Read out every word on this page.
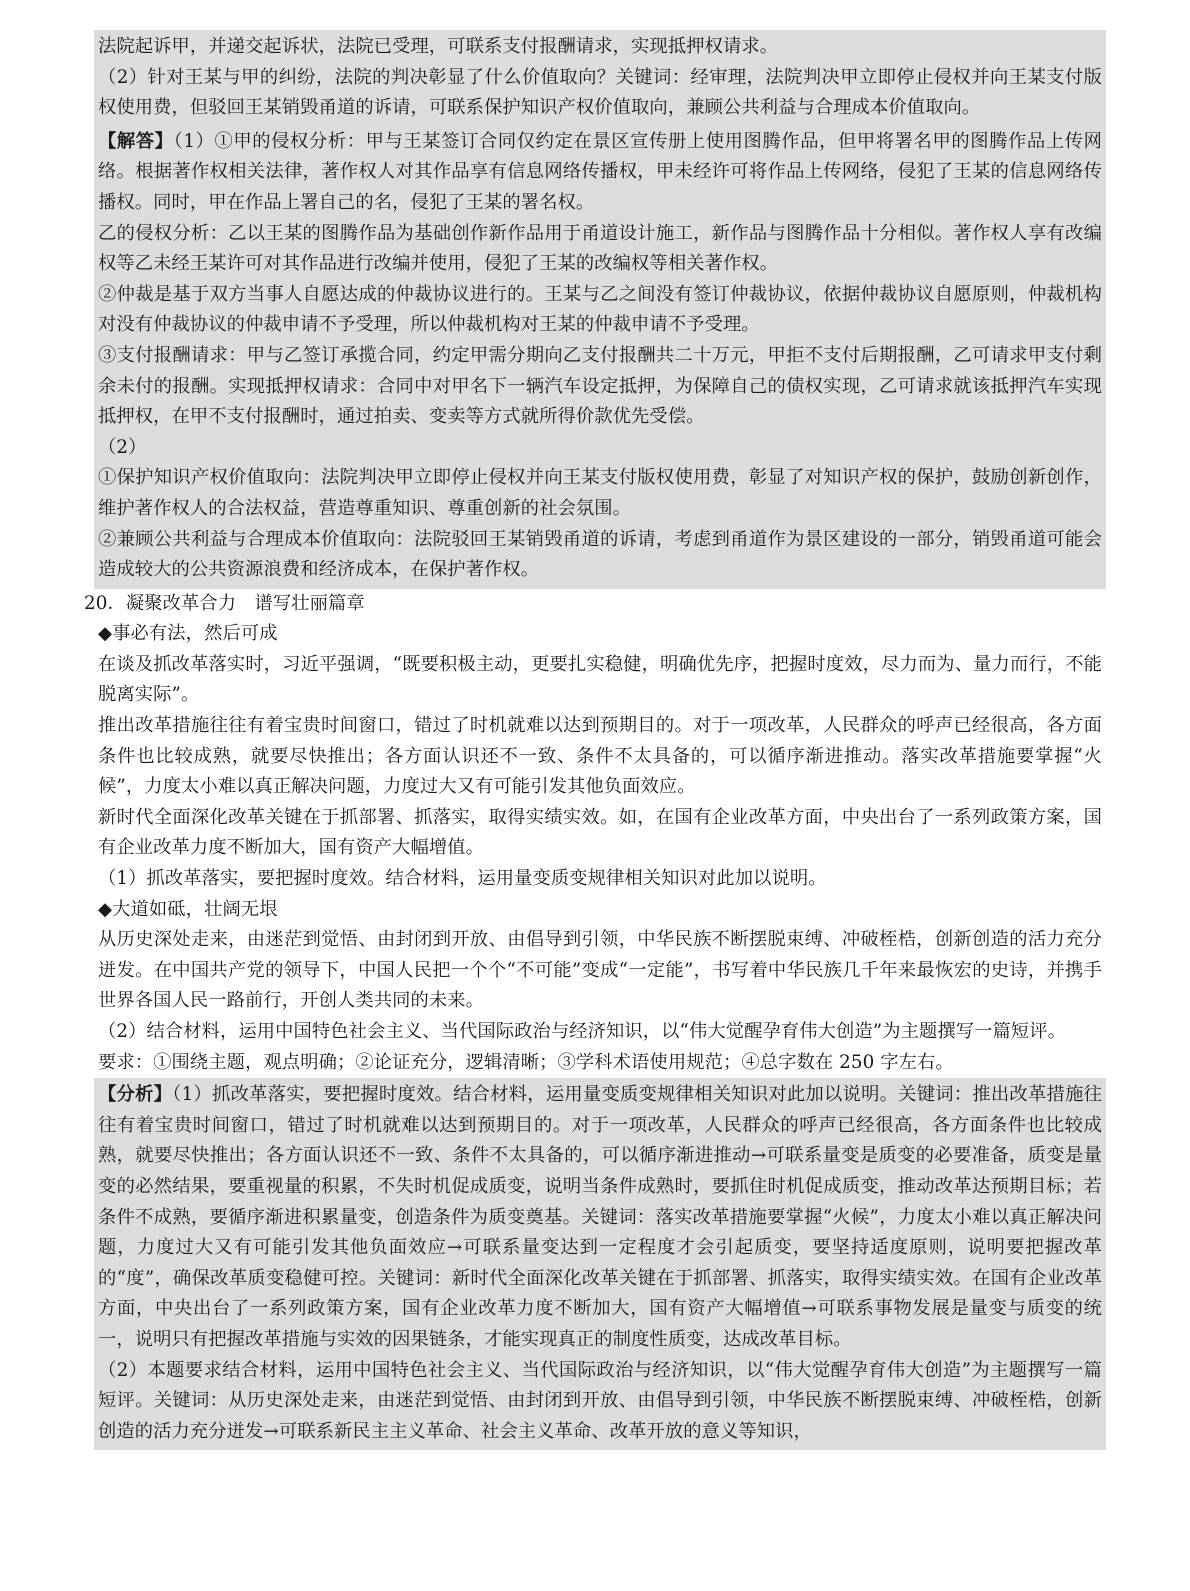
法院起诉甲，并递交起诉状，法院已受理，可联系支付报酬请求，实现抵押权请求。

（2）针对王某与甲的纠纷，法院的判决彰显了什么价值取向？关键词：经审理，法院判决甲立即停止侵权并向王某支付版权使用费，但驳回王某销毁甬道的诉请，可联系保护知识产权价值取向，兼顾公共利益与合理成本价值取向。

【解答】（1）①甲的侵权分析：甲与王某签订合同仅约定在景区宣传册上使用图腾作品，但甲将署名甲的图腾作品上传网络。根据著作权相关法律，著作权人对其作品享有信息网络传播权，甲未经许可将作品上传网络，侵犯了王某的信息网络传播权。同时，甲在作品上署自己的名，侵犯了王某的署名权。

乙的侵权分析：乙以王某的图腾作品为基础创作新作品用于甬道设计施工，新作品与图腾作品十分相似。著作权人享有改编权等乙未经王某许可对其作品进行改编并使用，侵犯了王某的改编权等相关著作权。

②仲裁是基于双方当事人自愿达成的仲裁协议进行的。王某与乙之间没有签订仲裁协议，依据仲裁协议自愿原则，仲裁机构对没有仲裁协议的仲裁申请不予受理，所以仲裁机构对王某的仲裁申请不予受理。

③支付报酬请求：甲与乙签订承揽合同，约定甲需分期向乙支付报酬共二十万元，甲拒不支付后期报酬，乙可请求甲支付剩余未付的报酬。实现抵押权请求：合同中对甲名下一辆汽车设定抵押，为保障自己的债权实现，乙可请求就该抵押汽车实现抵押权，在甲不支付报酬时，通过拍卖、变卖等方式就所得价款优先受偿。

（2）

①保护知识产权价值取向：法院判决甲立即停止侵权并向王某支付版权使用费，彰显了对知识产权的保护，鼓励创新创作，维护著作权人的合法权益，营造尊重知识、尊重创新的社会氛围。

②兼顾公共利益与合理成本价值取向：法院驳回王某销毁甬道的诉请，考虑到甬道作为景区建设的一部分，销毁甬道可能会造成较大的公共资源浪费和经济成本，在保护著作权。

20．凝聚改革合力　谱写壮丽篇章

◆事必有法，然后可成

在谈及抓改革落实时，习近平强调，“既要积极主动，更要扎实稳健，明确优先序，把握时度效，尽力而为、量力而行，不能脱离实际”。

推出改革措施往往有着宝贵时间窗口，错过了时机就难以达到预期目的。对于一项改革，人民群众的呼声已经很高，各方面条件也比较成熟，就要尽快推出；各方面认识还不一致、条件不太具备的，可以循序渐进推动。落实改革措施要掌握“火候”，力度太小难以真正解决问题，力度过大又有可能引发其他负面效应。

新时代全面深化改革关键在于抓部署、抓落实，取得实绩实效。如，在国有企业改革方面，中央出台了一系列政策方案，国有企业改革力度不断加大，国有资产大幅增值。

（1）抓改革落实，要把握时度效。结合材料，运用量变质变规律相关知识对此加以说明。

◆大道如砥，壮阔无垠

从历史深处走来，由迷茫到觉悟、由封闭到开放、由倡导到引领，中华民族不断摆脱束缚、冲破桎梏，创新创造的活力充分迸发。在中国共产党的领导下，中国人民把一个个“不可能”变成“一定能”，书写着中华民族几千年来最恢宏的史诗，并携手世界各国人民一路前行，开创人类共同的未来。

（2）结合材料，运用中国特色社会主义、当代国际政治与经济知识，以“伟大觉醒孕育伟大创造”为主题撰写一篇短评。

要求：①围绕主题，观点明确；②论证充分，逻辑清晰；③学科术语使用规范；④总字数在 250 字左右。

【分析】（1）抓改革落实，要把握时度效。结合材料，运用量变质变规律相关知识对此加以说明。关键词：推出改革措施往往有着宝贵时间窗口，错过了时机就难以达到预期目的。对于一项改革，人民群众的呼声已经很高，各方面条件也比较成熟，就要尽快推出；各方面认识还不一致、条件不太具备的，可以循序渐进推动→可联系量变是质变的必要准备，质变是量变的必然结果，要重视量的积累，不失时机促成质变，说明当条件成熟时，要抓住时机促成质变，推动改革达预期目标；若条件不成熟，要循序渐进积累量变，创造条件为质变奠基。关键词：落实改革措施要掌握“火候”，力度太小难以真正解决问题，力度过大又有可能引发其他负面效应→可联系量变达到一定程度才会引起质变，要坚持适度原则，说明要把握改革的“度”，确保改革质变稳健可控。关键词：新时代全面深化改革关键在于抓部署、抓落实，取得实绩实效。在国有企业改革方面，中央出台了一系列政策方案，国有企业改革力度不断加大，国有资产大幅增值→可联系事物发展是量变与质变的统一，说明只有把握改革措施与实效的因果链条，才能实现真正的制度性质变，达成改革目标。

（2）本题要求结合材料，运用中国特色社会主义、当代国际政治与经济知识，以“伟大觉醒孕育伟大创造”为主题撰写一篇短评。关键词：从历史深处走来，由迷茫到觉悟、由封闭到开放、由倡导到引领，中华民族不断摆脱束缚、冲破桎梏，创新创造的活力充分迸发→可联系新民主主义革命、社会主义革命、改革开放的意义等知识，
